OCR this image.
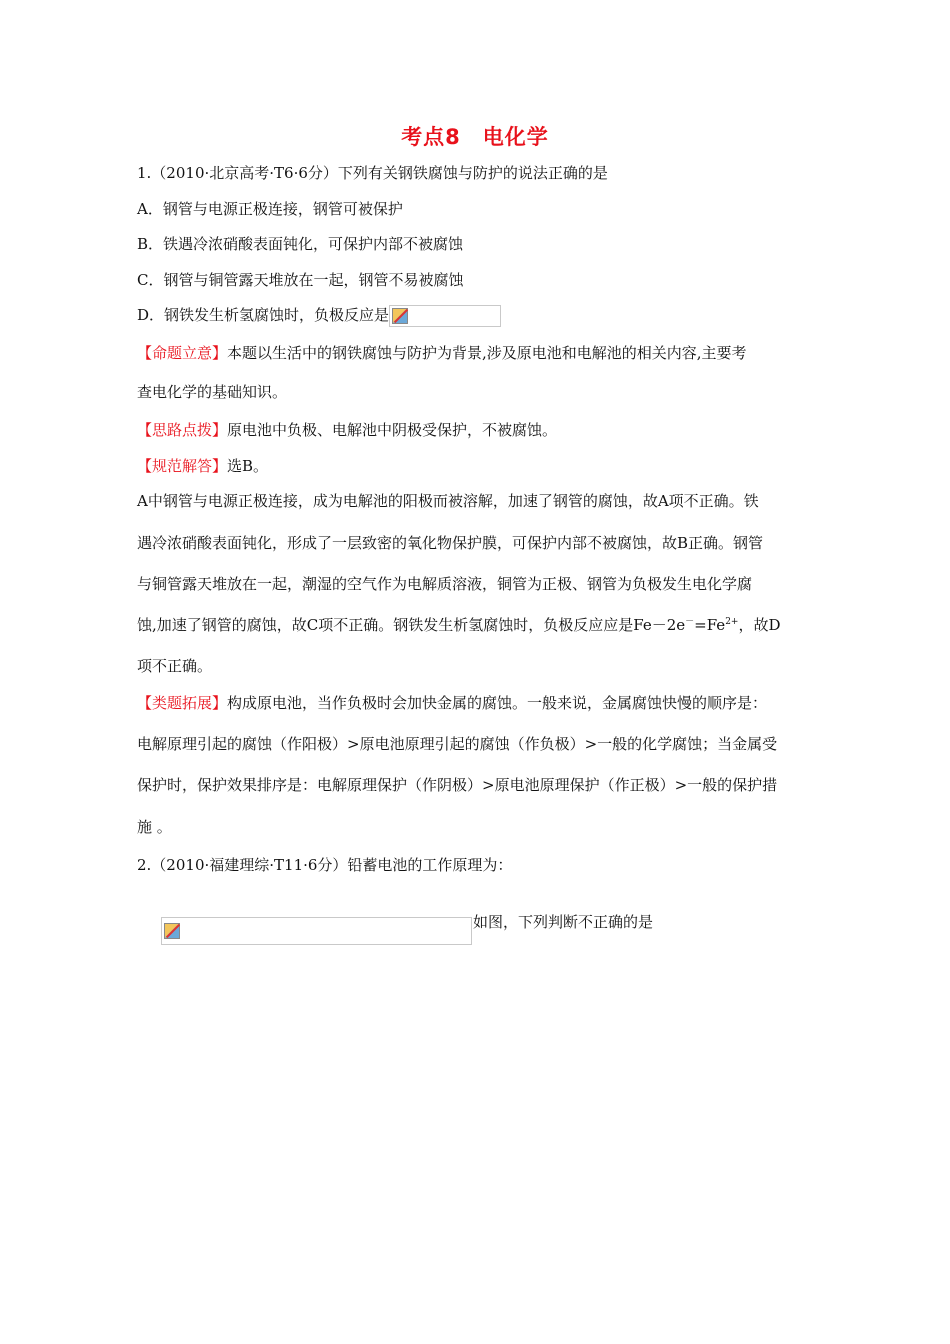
考点8　电化学
1.（2010·北京高考·T6·6分）下列有关钢铁腐蚀与防护的说法正确的是
A．钢管与电源正极连接，钢管可被保护
B．铁遇冷浓硝酸表面钝化，可保护内部不被腐蚀
C．钢管与铜管露天堆放在一起，钢管不易被腐蚀
D．钢铁发生析氢腐蚀时，负极反应是
【命题立意】本题以生活中的钢铁腐蚀与防护为背景,涉及原电池和电解池的相关内容,主要考
查电化学的基础知识。
【思路点拨】原电池中负极、电解池中阴极受保护，不被腐蚀。
【规范解答】选B。
A中钢管与电源正极连接，成为电解池的阳极而被溶解，加速了钢管的腐蚀，故A项不正确。铁
遇冷浓硝酸表面钝化，形成了一层致密的氧化物保护膜，可保护内部不被腐蚀，故B正确。钢管
与铜管露天堆放在一起，潮湿的空气作为电解质溶液，铜管为正极、钢管为负极发生电化学腐
蚀,加速了钢管的腐蚀，故C项不正确。钢铁发生析氢腐蚀时，负极反应应是$Fe-2e^-=Fe^{2+}$，故D
项不正确。
【类题拓展】构成原电池，当作负极时会加快金属的腐蚀。一般来说，金属腐蚀快慢的顺序是：
电解原理引起的腐蚀（作阳极）>原电池原理引起的腐蚀（作负极）>一般的化学腐蚀；当金属受
保护时，保护效果排序是：电解原理保护（作阴极）>原电池原理保护（作正极）>一般的保护措
施 。
2.（2010·福建理综·T11·6分）铅蓄电池的工作原理为：
如图，下列判断不正确的是
